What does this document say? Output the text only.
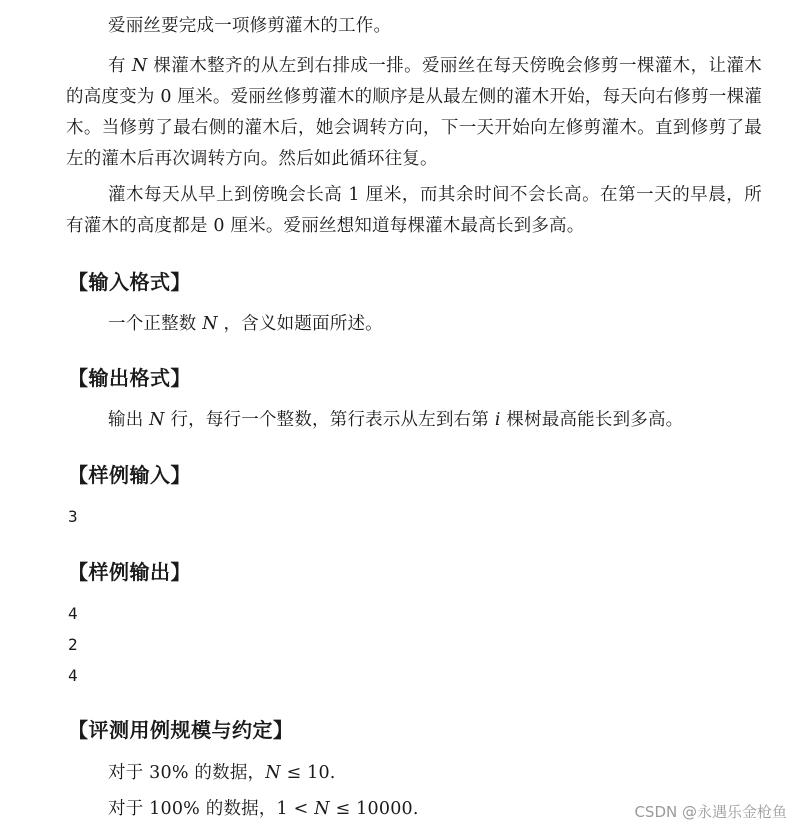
爱丽丝要完成一项修剪灌木的工作。
有 N 棵灌木整齐的从左到右排成一排。爱丽丝在每天傍晚会修剪一棵灌木，让灌木的高度变为 0 厘米。爱丽丝修剪灌木的顺序是从最左侧的灌木开始，每天向右修剪一棵灌木。当修剪了最右侧的灌木后，她会调转方向，下一天开始向左修剪灌木。直到修剪了最左的灌木后再次调转方向。然后如此循环往复。
灌木每天从早上到傍晚会长高 1 厘米，而其余时间不会长高。在第一天的早晨，所有灌木的高度都是 0 厘米。爱丽丝想知道每棵灌木最高长到多高。
【输入格式】
一个正整数 N ，含义如题面所述。
【输出格式】
输出 N 行，每行一个整数，第行表示从左到右第 i 棵树最高能长到多高。
【样例输入】
3
【样例输出】
4
2
4
【评测用例规模与约定】
对于 30% 的数据，N ≤ 10.
对于 100% 的数据，1 < N ≤ 10000.	CSDN @永遇乐金枪鱼
